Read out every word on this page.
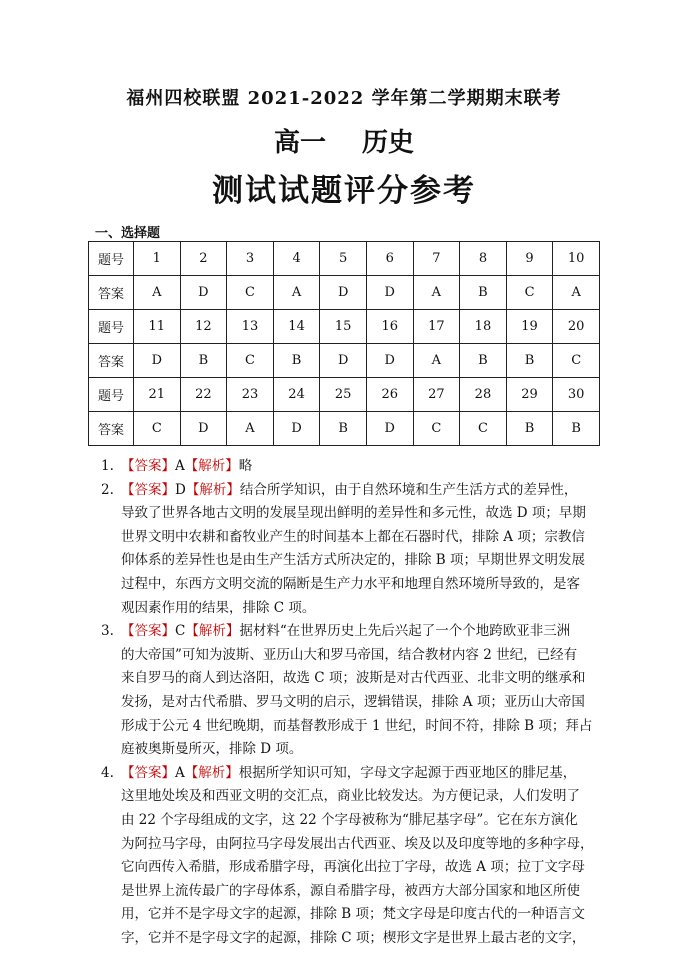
福州四校联盟 2021-2022 学年第二学期期末联考
高一 历史
测试试题评分参考
一、选择题
题号	1	2	3	4	5	6	7	8	9	10
答案	A	D	C	A	D	D	A	B	C	A
题号	11	12	13	14	15	16	17	18	19	20
答案	D	B	C	B	D	D	A	B	B	C
题号	21	22	23	24	25	26	27	28	29	30
答案	C	D	A	D	B	D	C	C	B	B
1. 【答案】A【解析】略
2. 【答案】D【解析】结合所学知识，由于自然环境和生产生活方式的差异性，
导致了世界各地古文明的发展呈现出鲜明的差异性和多元性，故选 D 项；早期
世界文明中农耕和畜牧业产生的时间基本上都在石器时代，排除 A 项；宗教信
仰体系的差异性也是由生产生活方式所决定的，排除 B 项；早期世界文明发展
过程中，东西方文明交流的隔断是生产力水平和地理自然环境所导致的，是客
观因素作用的结果，排除 C 项。
3. 【答案】C【解析】据材料“在世界历史上先后兴起了一个个地跨欧亚非三洲
的大帝国”可知为波斯、亚历山大和罗马帝国，结合教材内容 2 世纪，已经有
来自罗马的商人到达洛阳，故选 C 项；波斯是对古代西亚、北非文明的继承和
发扬，是对古代希腊、罗马文明的启示，逻辑错误，排除 A 项；亚历山大帝国
形成于公元 4 世纪晚期，而基督教形成于 1 世纪，时间不符，排除 B 项；拜占
庭被奥斯曼所灭，排除 D 项。
4. 【答案】A【解析】根据所学知识可知，字母文字起源于西亚地区的腓尼基，
这里地处埃及和西亚文明的交汇点，商业比较发达。为方便记录，人们发明了
由 22 个字母组成的文字，这 22 个字母被称为“腓尼基字母”。它在东方演化
为阿拉马字母，由阿拉马字母发展出古代西亚、埃及以及印度等地的多种字母，
它向西传入希腊，形成希腊字母，再演化出拉丁字母，故选 A 项；拉丁文字母
是世界上流传最广的字母体系，源自希腊字母，被西方大部分国家和地区所使
用，它并不是字母文字的起源，排除 B 项；梵文字母是印度古代的一种语言文
字，它并不是字母文字的起源，排除 C 项；楔形文字是世界上最古老的文字，
